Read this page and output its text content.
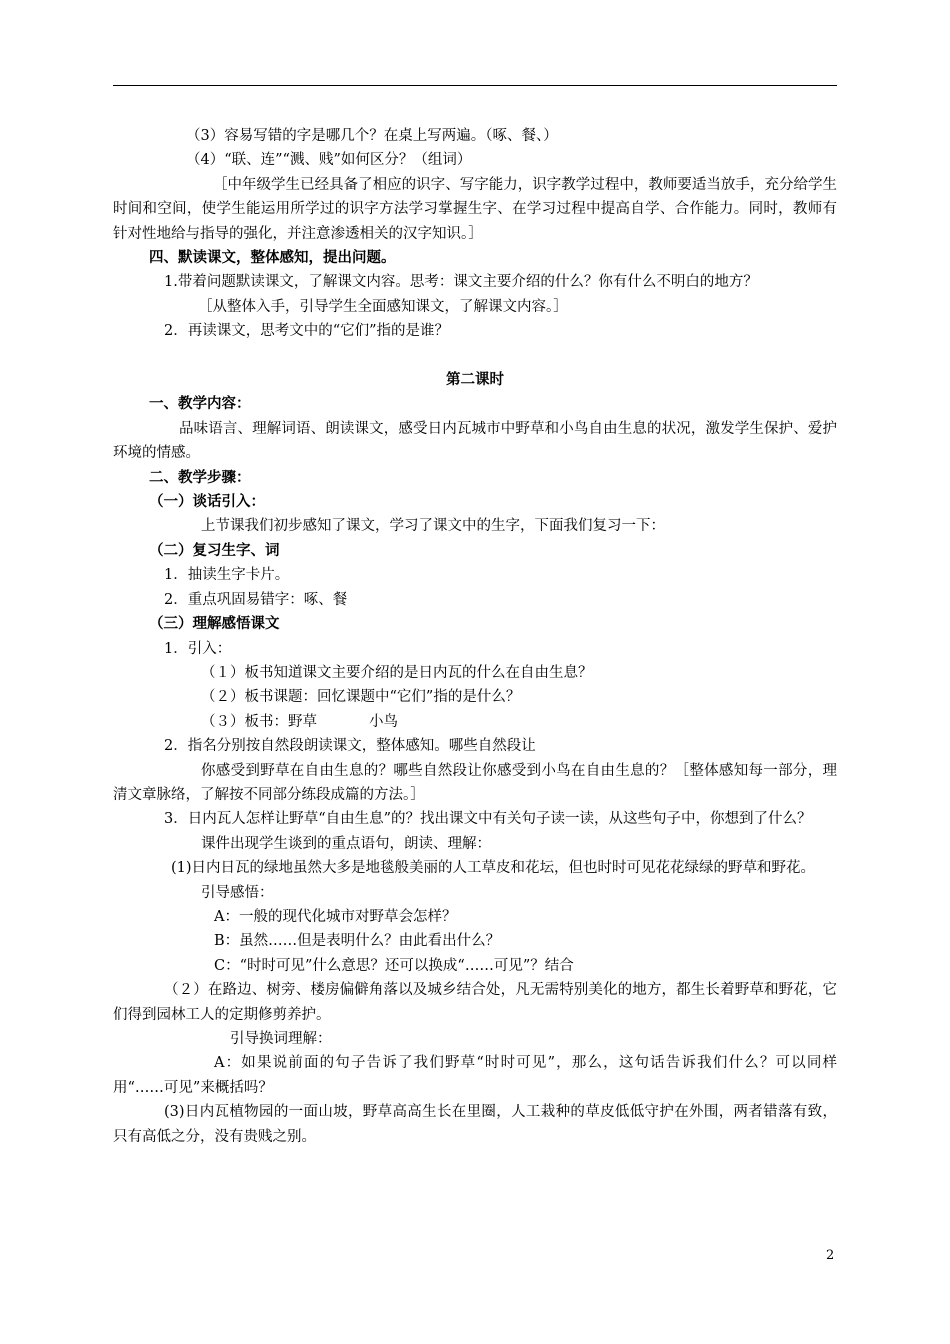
（3）容易写错的字是哪几个？在桌上写两遍。（啄、餐、）
（4）“联、连”“溅、贱”如何区分？（组词）
［中年级学生已经具备了相应的识字、写字能力，识字教学过程中，教师要适当放手，充分给学生时间和空间，使学生能运用所学过的识字方法学习掌握生字、在学习过程中提高自学、合作能力。同时，教师有针对性地给与指导的强化，并注意渗透相关的汉字知识。］
四、默读课文，整体感知，提出问题。
1.带着问题默读课文，了解课文内容。思考：课文主要介绍的什么？你有什么不明白的地方？
［从整体入手，引导学生全面感知课文，了解课文内容。］
2．再读课文，思考文中的“它们”指的是谁？
第二课时
一、教学内容：
品味语言、理解词语、朗读课文，感受日内瓦城市中野草和小鸟自由生息的状况，激发学生保护、爱护环境的情感。
二、教学步骤：
（一）谈话引入：
上节课我们初步感知了课文，学习了课文中的生字，下面我们复习一下：
（二）复习生字、词
1．抽读生字卡片。
2．重点巩固易错字：啄、餐
（三）理解感悟课文
1．引入：
（１）板书知道课文主要介绍的是日内瓦的什么在自由生息？
（２）板书课题：回忆课题中“它们”指的是什么？
（３）板书：野草	小鸟
2．指名分别按自然段朗读课文，整体感知。哪些自然段让
你感受到野草在自由生息的？哪些自然段让你感受到小鸟在自由生息的？［整体感知每一部分，理清文章脉络，了解按不同部分练段成篇的方法。］
3．日内瓦人怎样让野草“自由生息”的？找出课文中有关句子读一读，从这些句子中，你想到了什么？
课件出现学生谈到的重点语句，朗读、理解：
(1)日内日瓦的绿地虽然大多是地毯般美丽的人工草皮和花坛，但也时时可见花花绿绿的野草和野花。
引导感悟：
A：一般的现代化城市对野草会怎样？
B：虽然……但是表明什么？由此看出什么？
C：“时时可见”什么意思？还可以换成“……可见”？结合
（２）在路边、树旁、楼房偏僻角落以及城乡结合处，凡无需特别美化的地方，都生长着野草和野花，它们得到园林工人的定期修剪养护。
引导换词理解：
A：如果说前面的句子告诉了我们野草“时时可见”，那么，这句话告诉我们什么？可以同样用“……可见”来概括吗？
(3)日内瓦植物园的一面山坡，野草高高生长在里圈，人工栽种的草皮低低守护在外围，两者错落有致，只有高低之分，没有贵贱之别。
2
